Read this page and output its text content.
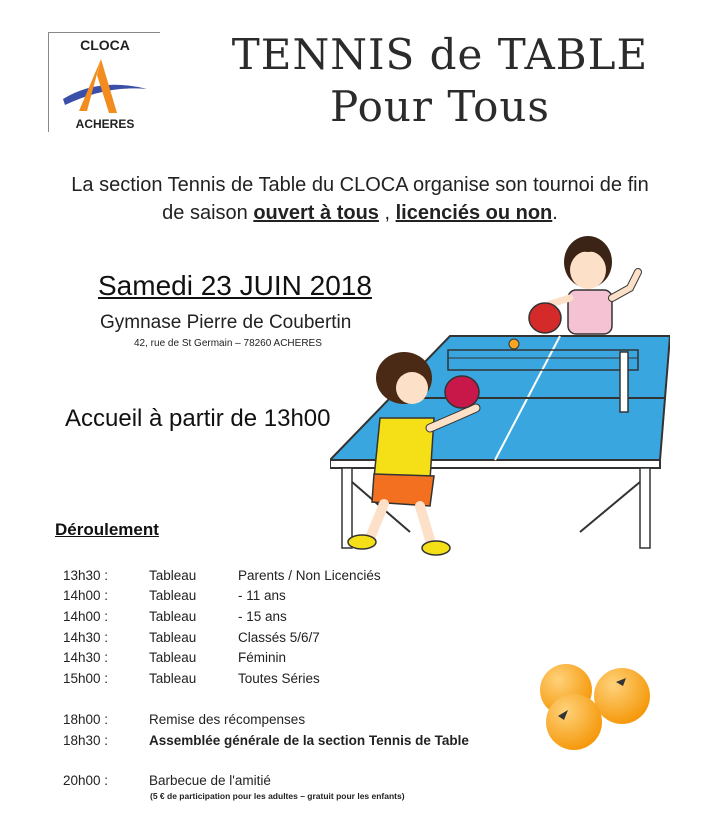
CLOCA
ACHERES
TENNIS de TABLE
Pour Tous
La section Tennis de Table du CLOCA organise son tournoi de fin
de saison ouvert à tous , licenciés ou non.
Samedi 23 JUIN 2018
Gymnase Pierre de Coubertin
42, rue de St Germain – 78260 ACHERES
Accueil à partir de 13h00
Déroulement
13h30 :	Tableau	Parents / Non Licenciés
14h00 :	Tableau	- 11 ans
14h00 :	Tableau	- 15 ans
14h30 :	Tableau	Classés 5/6/7
14h30 :	Tableau	Féminin
15h00 :	Tableau	Toutes Séries
18h00 :	Remise des récompenses
18h30 :	Assemblée générale de la section Tennis de Table
20h00 :	Barbecue de l'amitié
(5 € de participation pour les adultes – gratuit pour les enfants)
